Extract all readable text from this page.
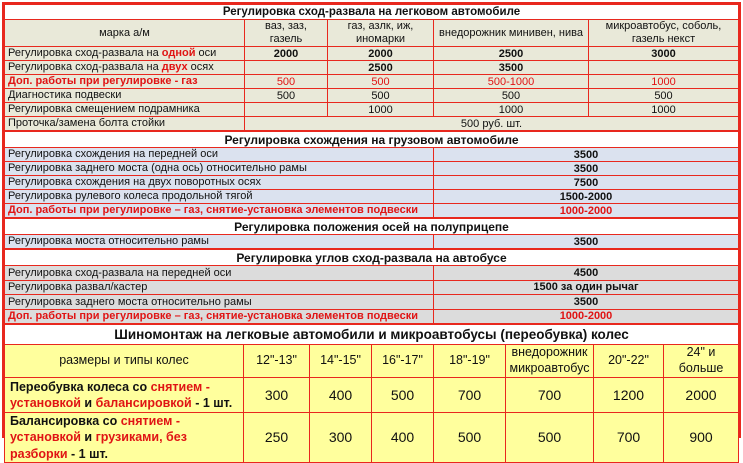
Регулировка сход-развала на легковом автомобиле				
марка а/м	ваз, заз, газель	газ, азлк, иж, иномарки	внедорожник минивен, нива	микроавтобус, соболь, газель некст
Регулировка сход-развала на одной оси	2000	2000	2500	3000
Регулировка сход-развала на двух осях		2500	3500	
Доп. работы при регулировке - газ	500	500	500-1000	1000
Диагностика подвески	500	500	500	500
Регулировка смещением подрамника		1000	1000	1000
Проточка/замена болта стойки	500 руб. шт.			
Регулировка схождения на грузовом автомобиле	
Регулировка схождения на передней оси	3500
Регулировка заднего моста (одна ось) относительно рамы	3500
Регулировка схождения на двух поворотных осях	7500
Регулировка рулевого колеса продольной тягой	1500-2000
Доп. работы при регулировке – газ, снятие-установка элементов подвески	1000-2000
Регулировка положения осей на полуприцепе
Регулировка моста относительно рамы	3500
Регулировка углов сход-развала на автобусе	
Регулировка сход-развала на передней оси	4500
Регулировка развал/кастер	1500 за один рычаг
Регулировка заднего моста относительно рамы	3500
Доп. работы при регулировке – газ, снятие-установка элементов подвески	1000-2000
Шиномонтаж на легковые автомобили и микроавтобусы (переобувка) колес							
размеры и типы колес	12"-13"	14"-15"	16"-17"	18"-19"	внедорожник микроавтобус	20"-22"	24" и больше
Переобувка колеса со снятием - установкой и балансировкой - 1 шт.	300	400	500	700	700	1200	2000
Балансировка со снятием - установкой и грузиками, без разборки - 1 шт.	250	300	400	500	500	700	900
